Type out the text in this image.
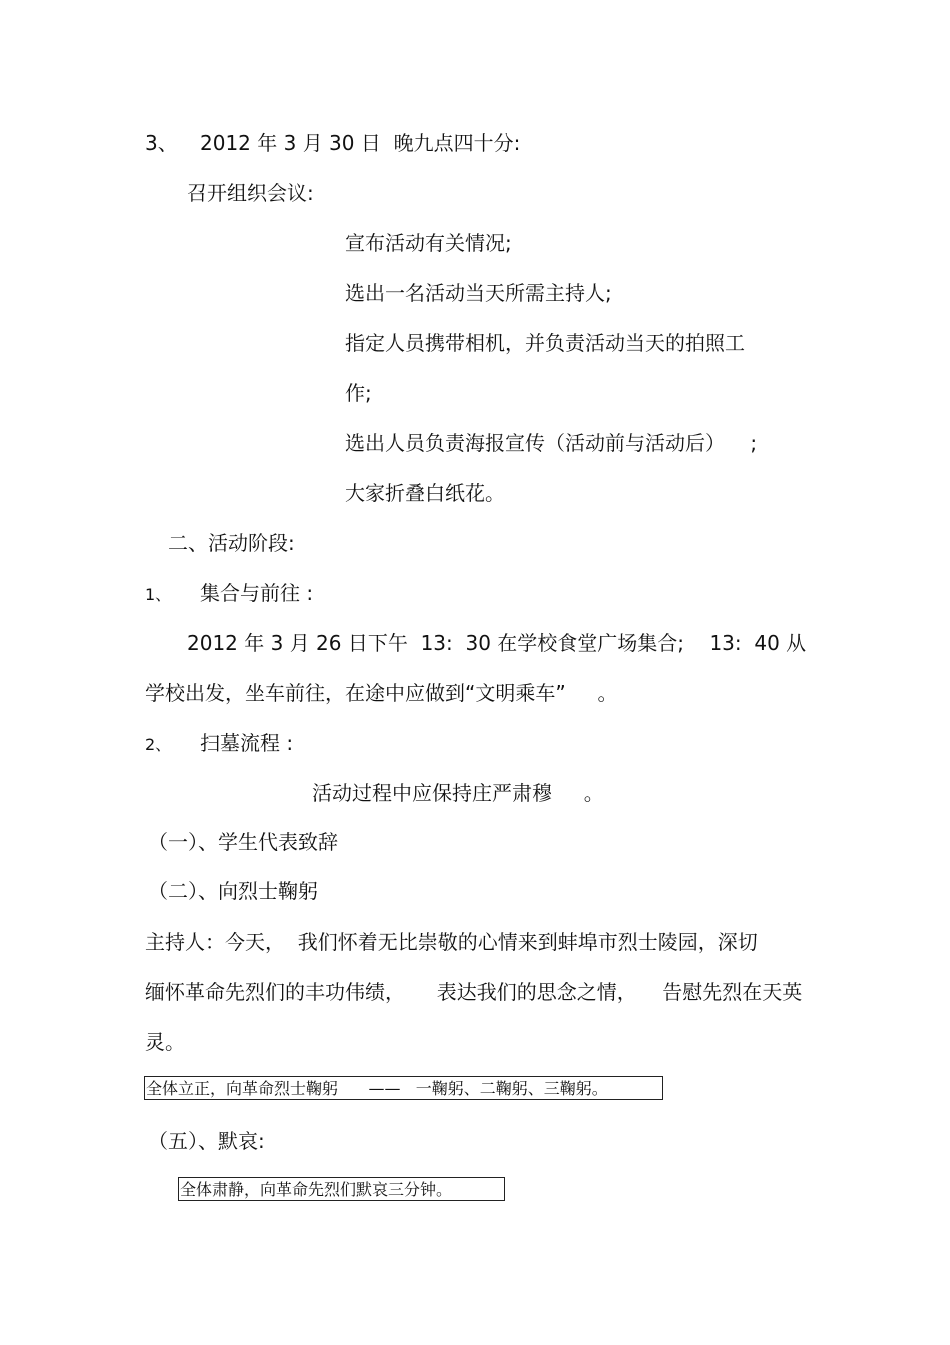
3、 2012 年 3 月 30 日  晚九点四十分:
召开组织会议:
宣布活动有关情况;
选出一名活动当天所需主持人;
指定人员携带相机，并负责活动当天的拍照工
作;
选出人员负责海报宣传（活动前与活动后）    ;
大家折叠白纸花。
二、活动阶段:
1、 集合与前往 :
2012 年 3 月 26 日下午  13:  30 在学校食堂广场集合;    13:  40 从
学校出发，坐车前往，在途中应做到“文明乘车”     。
2、 扫墓流程 :
活动过程中应保持庄严肃穆     。
（一）、学生代表致辞
（二）、向烈士鞠躬
主持人：今天，  我们怀着无比崇敬的心情来到蚌埠市烈士陵园，深切
缅怀革命先烈们的丰功伟绩，     表达我们的思念之情，    告慰先烈在天英
灵。
全体立正，向革命烈士鞠躬      ——   一鞠躬、二鞠躬、三鞠躬。
（五）、默哀:
全体肃静，向革命先烈们默哀三分钟。
